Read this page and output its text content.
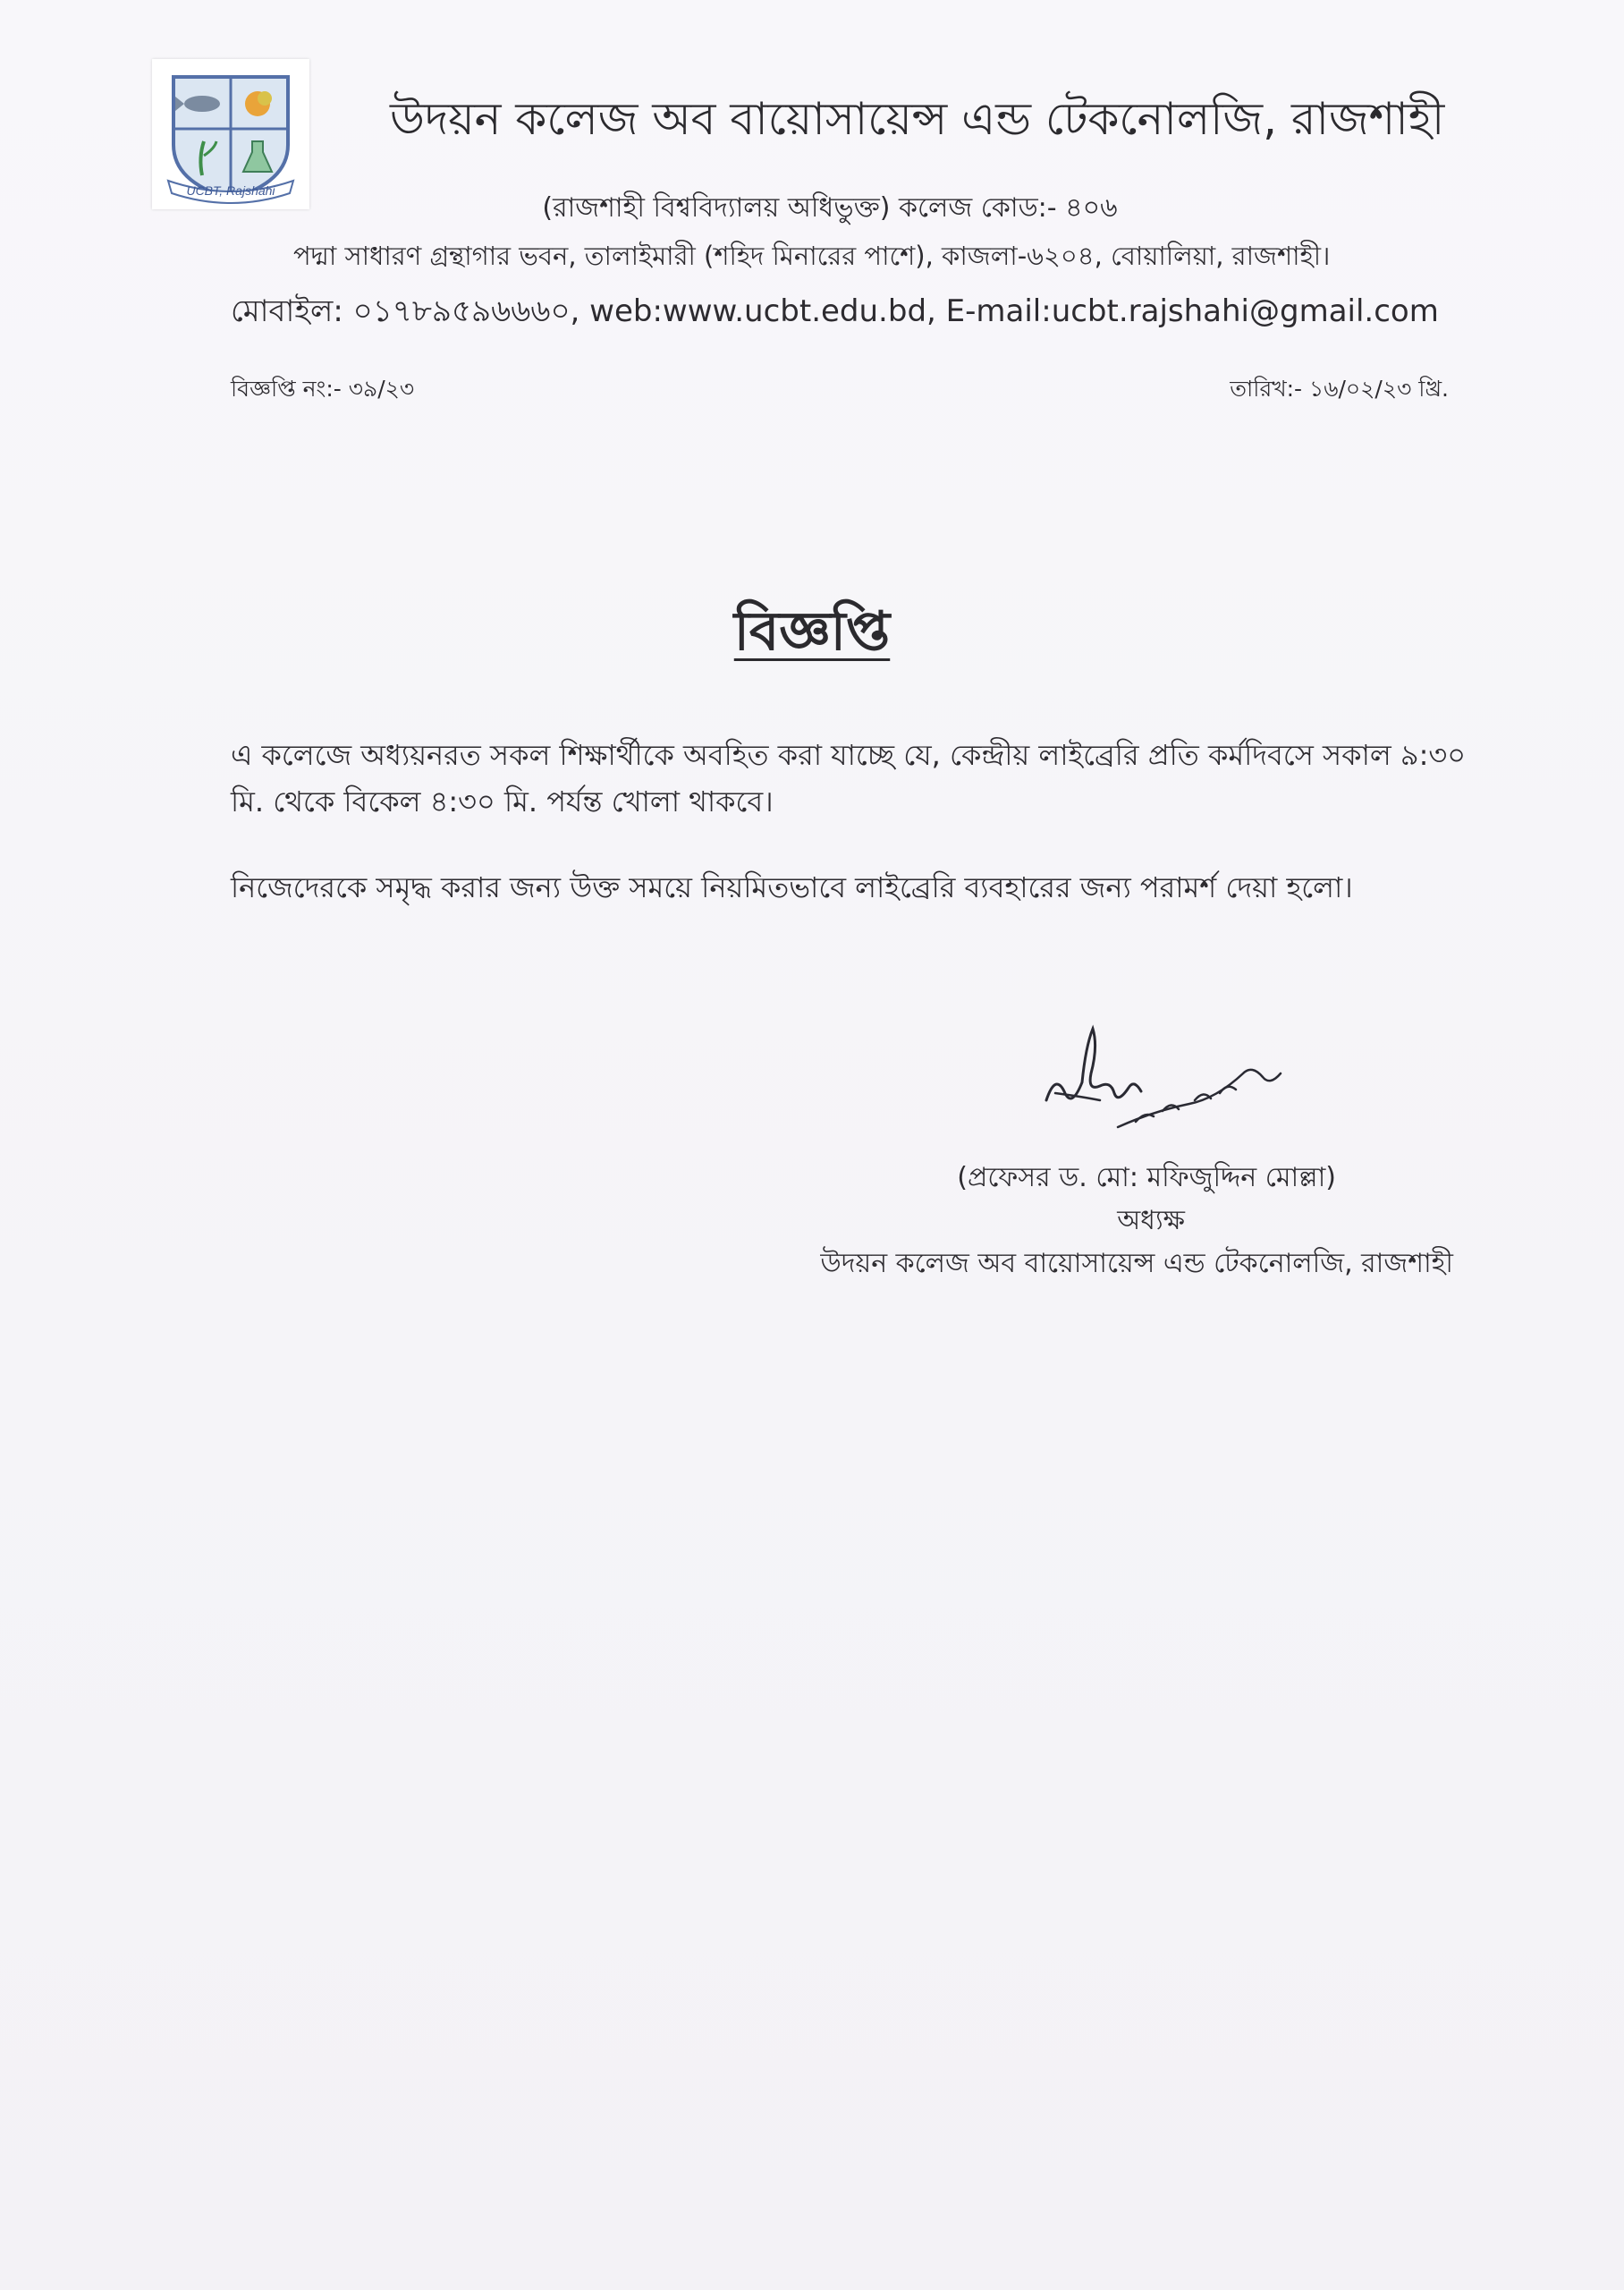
UCBT, Rajshahi
উদয়ন কলেজ অব বায়োসায়েন্স এন্ড টেকনোলজি, রাজশাহী
(রাজশাহী বিশ্ববিদ্যালয় অধিভুক্ত) কলেজ কোড:- ৪০৬
পদ্মা সাধারণ গ্রন্থাগার ভবন, তালাইমারী (শহিদ মিনারের পাশে), কাজলা-৬২০৪, বোয়ালিয়া, রাজশাহী।
মোবাইল: ০১৭৮৯৫৯৬৬৬০, web:www.ucbt.edu.bd, E-mail:ucbt.rajshahi@gmail.com
বিজ্ঞপ্তি নং:- ৩৯/২৩	তারিখ:- ১৬/০২/২৩ খ্রি.
বিজ্ঞপ্তি
এ কলেজে অধ্যয়নরত সকল শিক্ষার্থীকে অবহিত করা যাচ্ছে যে, কেন্দ্রীয় লাইব্রেরি প্রতি কর্মদিবসে সকাল ৯:৩০ মি. থেকে বিকেল ৪:৩০ মি. পর্যন্ত খোলা থাকবে।
নিজেদেরকে সমৃদ্ধ করার জন্য উক্ত সময়ে নিয়মিতভাবে লাইব্রেরি ব্যবহারের জন্য পরামর্শ দেয়া হলো।
(প্রফেসর ড. মো: মফিজুদ্দিন মোল্লা)
অধ্যক্ষ
উদয়ন কলেজ অব বায়োসায়েন্স এন্ড টেকনোলজি, রাজশাহী
